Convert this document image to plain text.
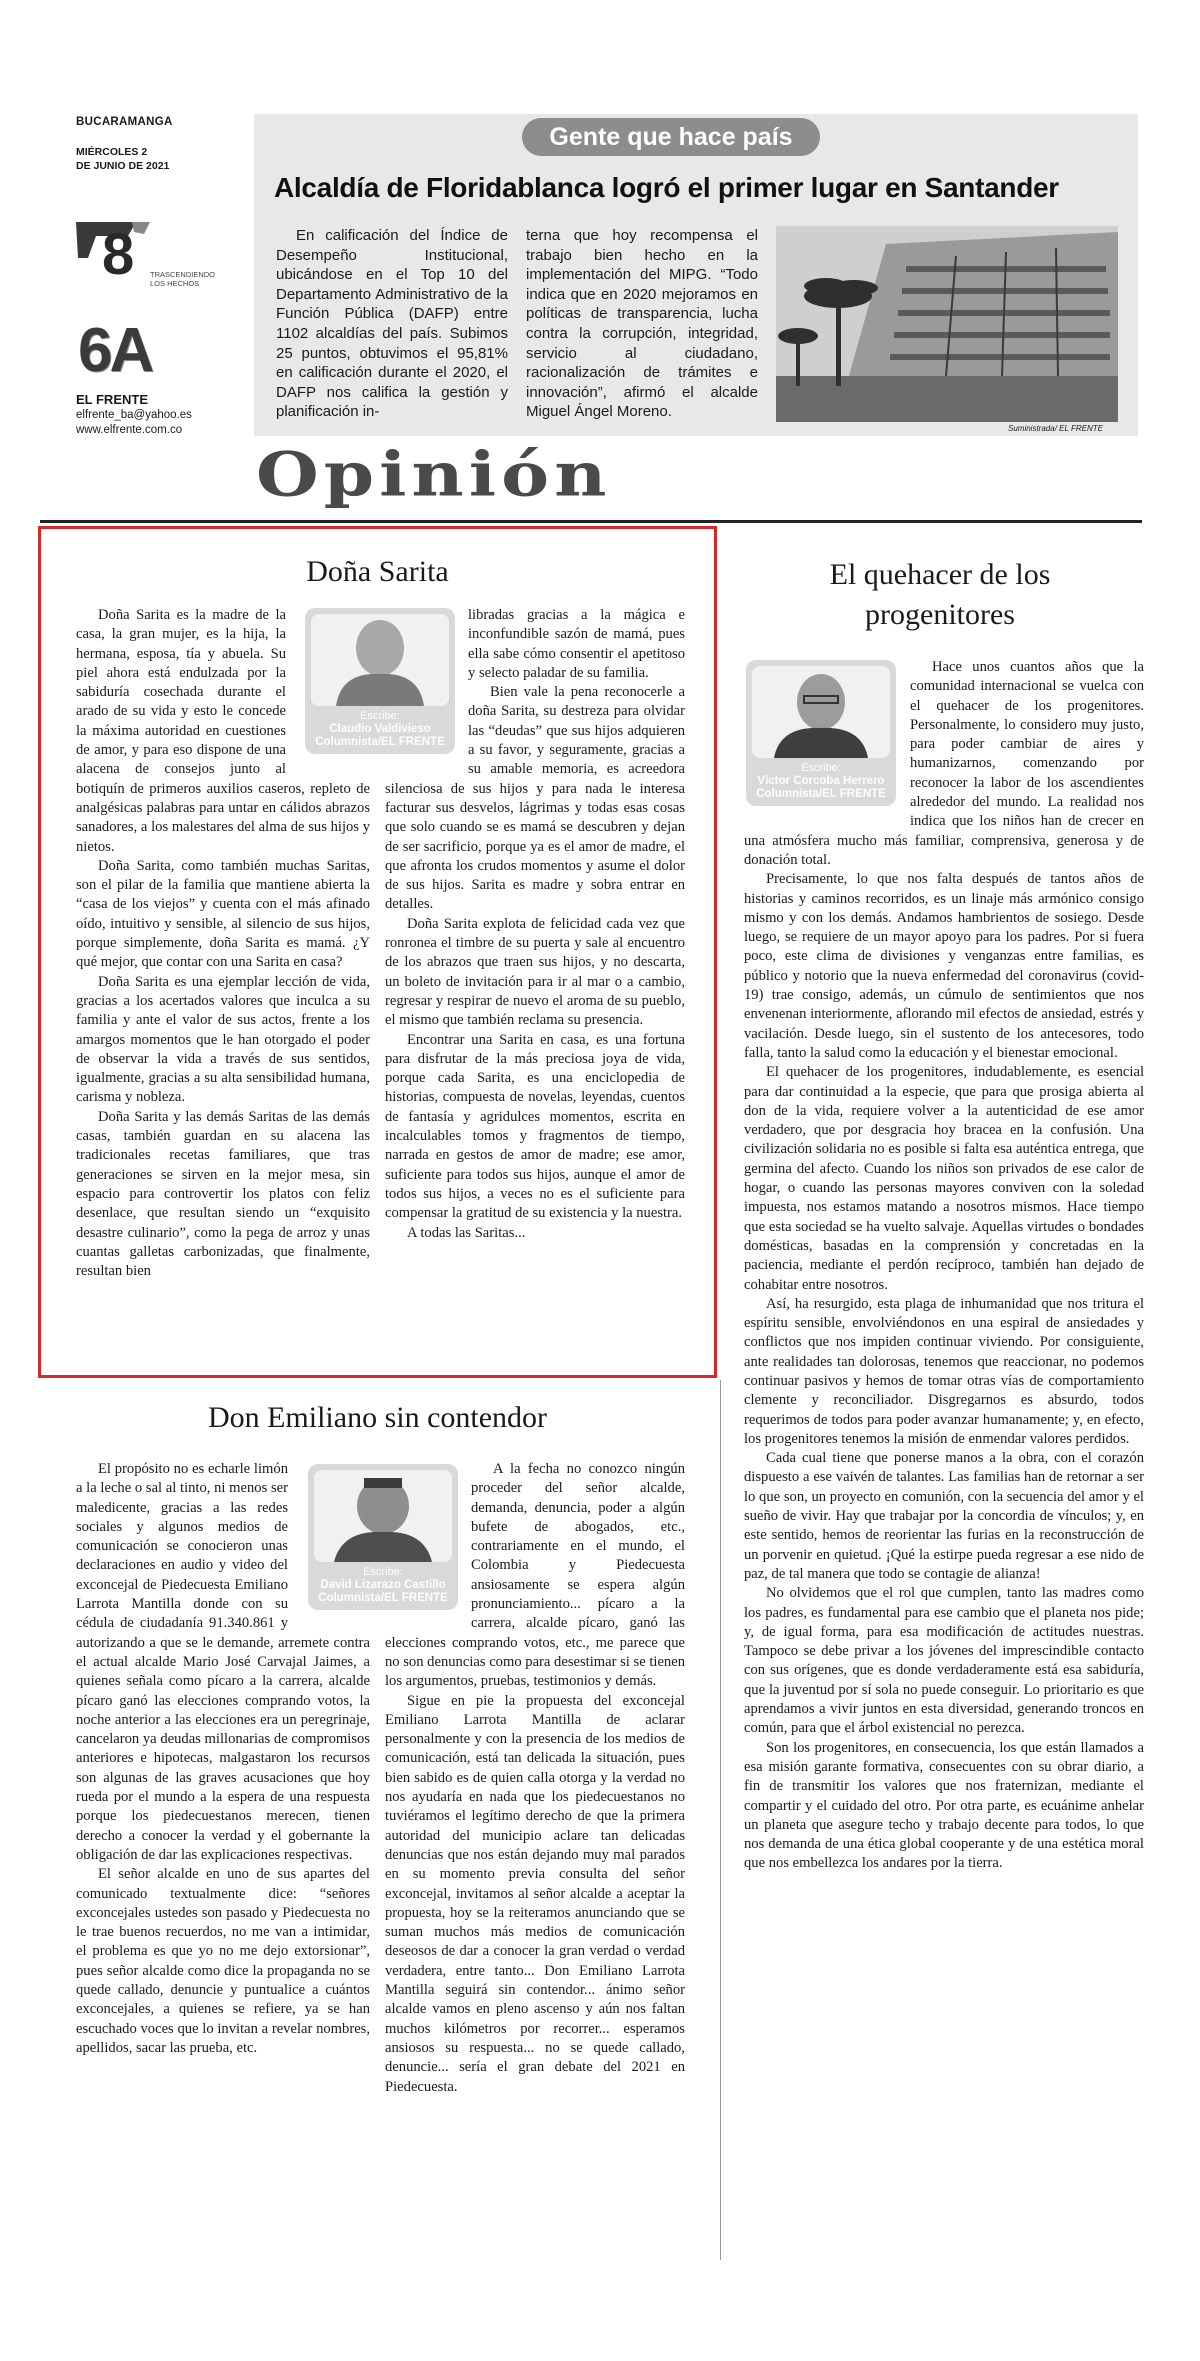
BUCARAMANGA
MIÉRCOLES 2
DE JUNIO DE 2021
8 TRASCENDIENDO LOS HECHOS
6A
EL FRENTE
elfrente_ba@yahoo.es
www.elfrente.com.co
Gente que hace país
Alcaldía de Floridablanca logró el primer lugar en Santander
En calificación del Índice de Desempeño Institucional, ubicándose en el Top 10 del Departamento Administrativo de la Función Pública (DAFP) entre 1102 alcaldías del país. Subimos 25 puntos, obtuvimos el 95,81% en calificación durante el 2020, el DAFP nos califica la gestión y planificación in-
terna que hoy recompensa el trabajo bien hecho en la implementación del MIPG. “Todo indica que en 2020 mejoramos en políticas de transparencia, lucha contra la corrupción, integridad, servicio al ciudadano, racionalización de trámites e innovación”, afirmó el alcalde Miguel Ángel Moreno.
Suministrada/ EL FRENTE
Opinión
Doña Sarita
Escribe:
Claudio Valdivieso
Columnista/EL FRENTE

Doña Sarita es la madre de la casa, la gran mujer, es la hija, la hermana, esposa, tía y abuela. Su piel ahora está endulzada por la sabiduría cosechada durante el arado de su vida y esto le concede la máxima autoridad en cuestiones de amor, y para eso dispone de una alacena de consejos junto al botiquín de primeros auxilios caseros, repleto de analgésicas palabras para untar en cálidos abrazos sanadores, a los malestares del alma de sus hijos y nietos.

Doña Sarita, como también muchas Saritas, son el pilar de la familia que mantiene abierta la “casa de los viejos” y cuenta con el más afinado oído, intuitivo y sensible, al silencio de sus hijos, porque simplemente, doña Sarita es mamá. ¿Y qué mejor, que contar con una Sarita en casa?

Doña Sarita es una ejemplar lección de vida, gracias a los acertados valores que inculca a su familia y ante el valor de sus actos, frente a los amargos momentos que le han otorgado el poder de observar la vida a través de sus sentidos, igualmente, gracias a su alta sensibilidad humana, carisma y nobleza.

Doña Sarita y las demás Saritas de las demás casas, también guardan en su alacena las tradicionales recetas familiares, que tras generaciones se sirven en la mejor mesa, sin espacio para controvertir los platos con feliz desenlace, que resultan siendo un “exquisito desastre culinario”, como la pega de arroz y unas cuantas galletas carbonizadas, que finalmente, resultan bien

libradas gracias a la mágica e inconfundible sazón de mamá, pues ella sabe cómo consentir el apetitoso y selecto paladar de su familia.

Bien vale la pena reconocerle a doña Sarita, su destreza para olvidar las “deudas” que sus hijos adquieren a su favor, y seguramente, gracias a su amable memoria, es acreedora silenciosa de sus hijos y para nada le interesa facturar sus desvelos, lágrimas y todas esas cosas que solo cuando se es mamá se descubren y dejan de ser sacrificio, porque ya es el amor de madre, el que afronta los crudos momentos y asume el dolor de sus hijos. Sarita es madre y sobra entrar en detalles.

Doña Sarita explota de felicidad cada vez que ronronea el timbre de su puerta y sale al encuentro de los abrazos que traen sus hijos, y no descarta, un boleto de invitación para ir al mar o a cambio, regresar y respirar de nuevo el aroma de su pueblo, el mismo que también reclama su presencia.

Encontrar una Sarita en casa, es una fortuna para disfrutar de la más preciosa joya de vida, porque cada Sarita, es una enciclopedia de historias, compuesta de novelas, leyendas, cuentos de fantasía y agridulces momentos, escrita en incalculables tomos y fragmentos de tiempo, narrada en gestos de amor de madre; ese amor, suficiente para todos sus hijos, aunque el amor de todos sus hijos, a veces no es el suficiente para compensar la gratitud de su existencia y la nuestra.

A todas las Saritas...

Don Emiliano sin contendor
Escribe:
David Lizarazo Castillo
Columnista/EL FRENTE

El propósito no es echarle limón a la leche o sal al tinto, ni menos ser maledicente, gracias a las redes sociales y algunos medios de comunicación se conocieron unas declaraciones en audio y video del exconcejal de Piedecuesta Emiliano Larrota Mantilla donde con su cédula de ciudadanía 91.340.861 y autorizando a que se le demande, arremete contra el actual alcalde Mario José Carvajal Jaimes, a quienes señala como pícaro a la carrera, alcalde pícaro ganó las elecciones comprando votos, la noche anterior a las elecciones era un peregrinaje, cancelaron ya deudas millonarias de compromisos anteriores e hipotecas, malgastaron los recursos son algunas de las graves acusaciones que hoy rueda por el mundo a la espera de una respuesta porque los piedecuestanos merecen, tienen derecho a conocer la verdad y el gobernante la obligación de dar las explicaciones respectivas.

El señor alcalde en uno de sus apartes del comunicado textualmente dice: “señores exconcejales ustedes son pasado y Piedecuesta no le trae buenos recuerdos, no me van a intimidar, el problema es que yo no me dejo extorsionar”, pues señor alcalde como dice la propaganda no se quede callado, denuncie y puntualice a cuántos exconcejales, a quienes se refiere, ya se han escuchado voces que lo invitan a revelar nombres, apellidos, sacar las prueba, etc.

A la fecha no conozco ningún proceder del señor alcalde, demanda, denuncia, poder a algún bufete de abogados, etc., contrariamente en el mundo, el Colombia y Piedecuesta ansiosamente se espera algún pronunciamiento... pícaro a la carrera, alcalde pícaro, ganó las elecciones comprando votos, etc., me parece que no son denuncias como para desestimar si se tienen los argumentos, pruebas, testimonios y demás.

Sigue en pie la propuesta del exconcejal Emiliano Larrota Mantilla de aclarar personalmente y con la presencia de los medios de comunicación, está tan delicada la situación, pues bien sabido es de quien calla otorga y la verdad no nos ayudaría en nada que los piedecuestanos no tuviéramos el legítimo derecho de que la primera autoridad del municipio aclare tan delicadas denuncias que nos están dejando muy mal parados en su momento previa consulta del señor exconcejal, invitamos al señor alcalde a aceptar la propuesta, hoy se la reiteramos anunciando que se suman muchos más medios de comunicación deseosos de dar a conocer la gran verdad o verdad verdadera, entre tanto... Don Emiliano Larrota Mantilla seguirá sin contendor... ánimo señor alcalde vamos en pleno ascenso y aún nos faltan muchos kilómetros por recorrer... esperamos ansiosos su respuesta... no se quede callado, denuncie... sería el gran debate del 2021 en Piedecuesta.

El quehacer de los
progenitores
Escribe:
Víctor Corcoba Herrero
Columnista/EL FRENTE

Hace unos cuantos años que la comunidad internacional se vuelca con el quehacer de los progenitores. Personalmente, lo considero muy justo, para poder cambiar de aires y humanizarnos, comenzando por reconocer la labor de los ascendientes alrededor del mundo. La realidad nos indica que los niños han de crecer en una atmósfera mucho más familiar, comprensiva, generosa y de donación total.

Precisamente, lo que nos falta después de tantos años de historias y caminos recorridos, es un linaje más armónico consigo mismo y con los demás. Andamos hambrientos de sosiego. Desde luego, se requiere de un mayor apoyo para los padres. Por si fuera poco, este clima de divisiones y venganzas entre familias, es público y notorio que la nueva enfermedad del coronavirus (covid-19) trae consigo, además, un cúmulo de sentimientos que nos envenenan interiormente, aflorando mil efectos de ansiedad, estrés y vacilación. Desde luego, sin el sustento de los antecesores, todo falla, tanto la salud como la educación y el bienestar emocional.

El quehacer de los progenitores, indudablemente, es esencial para dar continuidad a la especie, que para que prosiga abierta al don de la vida, requiere volver a la autenticidad de ese amor verdadero, que por desgracia hoy bracea en la confusión. Una civilización solidaria no es posible si falta esa auténtica entrega, que germina del afecto. Cuando los niños son privados de ese calor de hogar, o cuando las personas mayores conviven con la soledad impuesta, nos estamos matando a nosotros mismos. Hace tiempo que esta sociedad se ha vuelto salvaje. Aquellas virtudes o bondades domésticas, basadas en la comprensión y concretadas en la paciencia, mediante el perdón recíproco, también han dejado de cohabitar entre nosotros.

Así, ha resurgido, esta plaga de inhumanidad que nos tritura el espíritu sensible, envolviéndonos en una espiral de ansiedades y conflictos que nos impiden continuar viviendo. Por consiguiente, ante realidades tan dolorosas, tenemos que reaccionar, no podemos continuar pasivos y hemos de tomar otras vías de comportamiento clemente y reconciliador. Disgregarnos es absurdo, todos requerimos de todos para poder avanzar humanamente; y, en efecto, los progenitores tenemos la misión de enmendar valores perdidos.

Cada cual tiene que ponerse manos a la obra, con el corazón dispuesto a ese vaivén de talantes. Las familias han de retornar a ser lo que son, un proyecto en comunión, con la secuencia del amor y el sueño de vivir. Hay que trabajar por la concordia de vínculos; y, en este sentido, hemos de reorientar las furias en la reconstrucción de un porvenir en quietud. ¡Qué la estirpe pueda regresar a ese nido de paz, de tal manera que todo se contagie de alianza!

No olvidemos que el rol que cumplen, tanto las madres como los padres, es fundamental para ese cambio que el planeta nos pide; y, de igual forma, para esa modificación de actitudes nuestras. Tampoco se debe privar a los jóvenes del imprescindible contacto con sus orígenes, que es donde verdaderamente está esa sabiduría, que la juventud por sí sola no puede conseguir. Lo prioritario es que aprendamos a vivir juntos en esta diversidad, generando troncos en común, para que el árbol existencial no perezca.

Son los progenitores, en consecuencia, los que están llamados a esa misión garante formativa, consecuentes con su obrar diario, a fin de transmitir los valores que nos fraternizan, mediante el compartir y el cuidado del otro. Por otra parte, es ecuánime anhelar un planeta que asegure techo y trabajo decente para todos, lo que nos demanda de una ética global cooperante y de una estética moral que nos embellezca los andares por la tierra.
